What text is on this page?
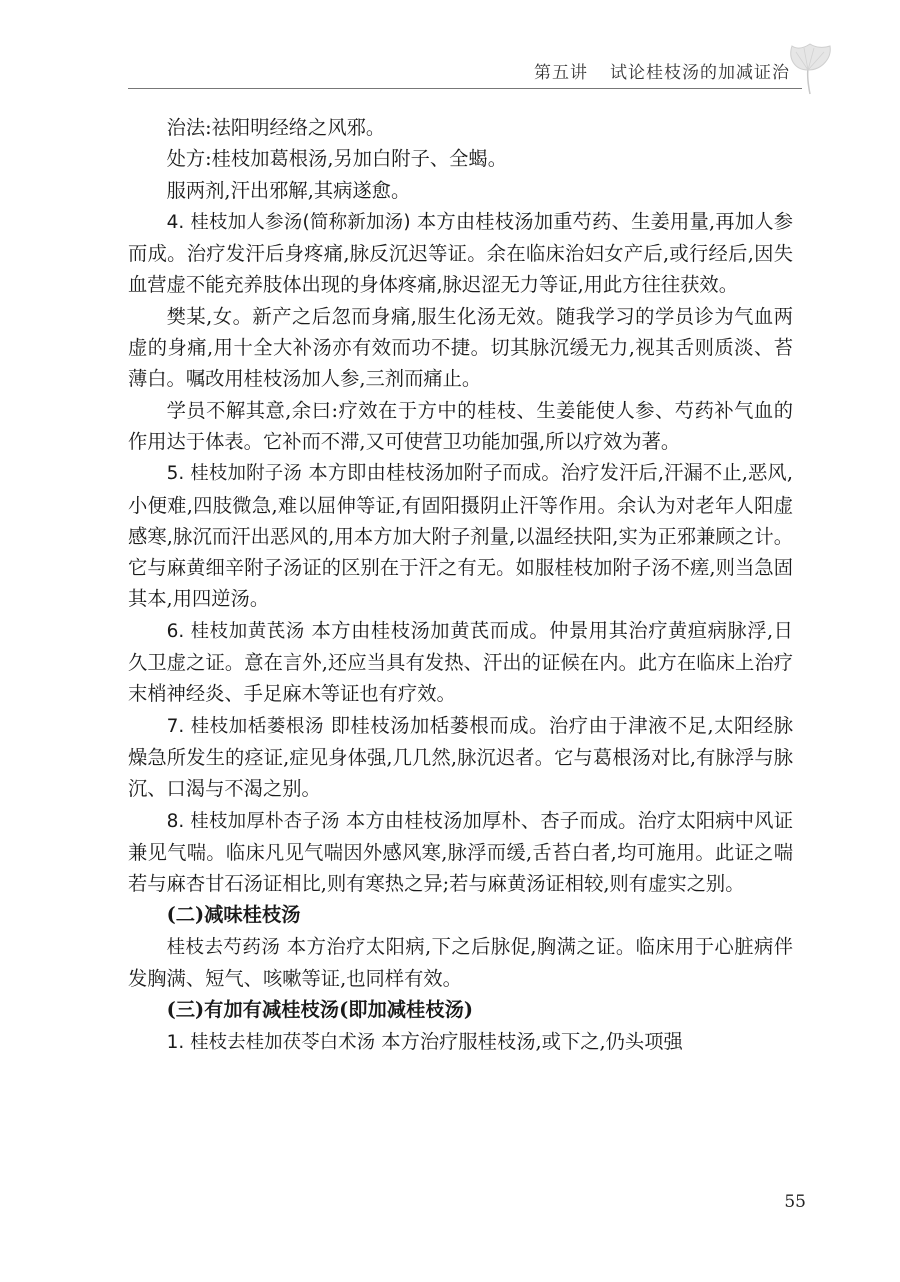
第五讲 试论桂枝汤的加减证治

治法:祛阳明经络之风邪。

处方:桂枝加葛根汤,另加白附子、全蝎。

服两剂,汗出邪解,其病遂愈。

4. 桂枝加人参汤(简称新加汤) 本方由桂枝汤加重芍药、生姜用量,再加人参而成。治疗发汗后身疼痛,脉反沉迟等证。余在临床治妇女产后,或行经后,因失血营虚不能充养肢体出现的身体疼痛,脉迟涩无力等证,用此方往往获效。

樊某,女。新产之后忽而身痛,服生化汤无效。随我学习的学员诊为气血两虚的身痛,用十全大补汤亦有效而功不捷。切其脉沉缓无力,视其舌则质淡、苔薄白。嘱改用桂枝汤加人参,三剂而痛止。

学员不解其意,余曰:疗效在于方中的桂枝、生姜能使人参、芍药补气血的作用达于体表。它补而不滞,又可使营卫功能加强,所以疗效为著。

5. 桂枝加附子汤 本方即由桂枝汤加附子而成。治疗发汗后,汗漏不止,恶风,小便难,四肢微急,难以屈伸等证,有固阳摄阴止汗等作用。余认为对老年人阳虚感寒,脉沉而汗出恶风的,用本方加大附子剂量,以温经扶阳,实为正邪兼顾之计。它与麻黄细辛附子汤证的区别在于汗之有无。如服桂枝加附子汤不瘥,则当急固其本,用四逆汤。

6. 桂枝加黄芪汤 本方由桂枝汤加黄芪而成。仲景用其治疗黄疸病脉浮,日久卫虚之证。意在言外,还应当具有发热、汗出的证候在内。此方在临床上治疗末梢神经炎、手足麻木等证也有疗效。

7. 桂枝加栝蒌根汤 即桂枝汤加栝蒌根而成。治疗由于津液不足,太阳经脉燥急所发生的痉证,症见身体强,几几然,脉沉迟者。它与葛根汤对比,有脉浮与脉沉、口渴与不渴之别。

8. 桂枝加厚朴杏子汤 本方由桂枝汤加厚朴、杏子而成。治疗太阳病中风证兼见气喘。临床凡见气喘因外感风寒,脉浮而缓,舌苔白者,均可施用。此证之喘若与麻杏甘石汤证相比,则有寒热之异;若与麻黄汤证相较,则有虚实之别。

(二)减味桂枝汤

桂枝去芍药汤 本方治疗太阳病,下之后脉促,胸满之证。临床用于心脏病伴发胸满、短气、咳嗽等证,也同样有效。

(三)有加有减桂枝汤(即加减桂枝汤)

1. 桂枝去桂加茯苓白术汤 本方治疗服桂枝汤,或下之,仍头项强

55
